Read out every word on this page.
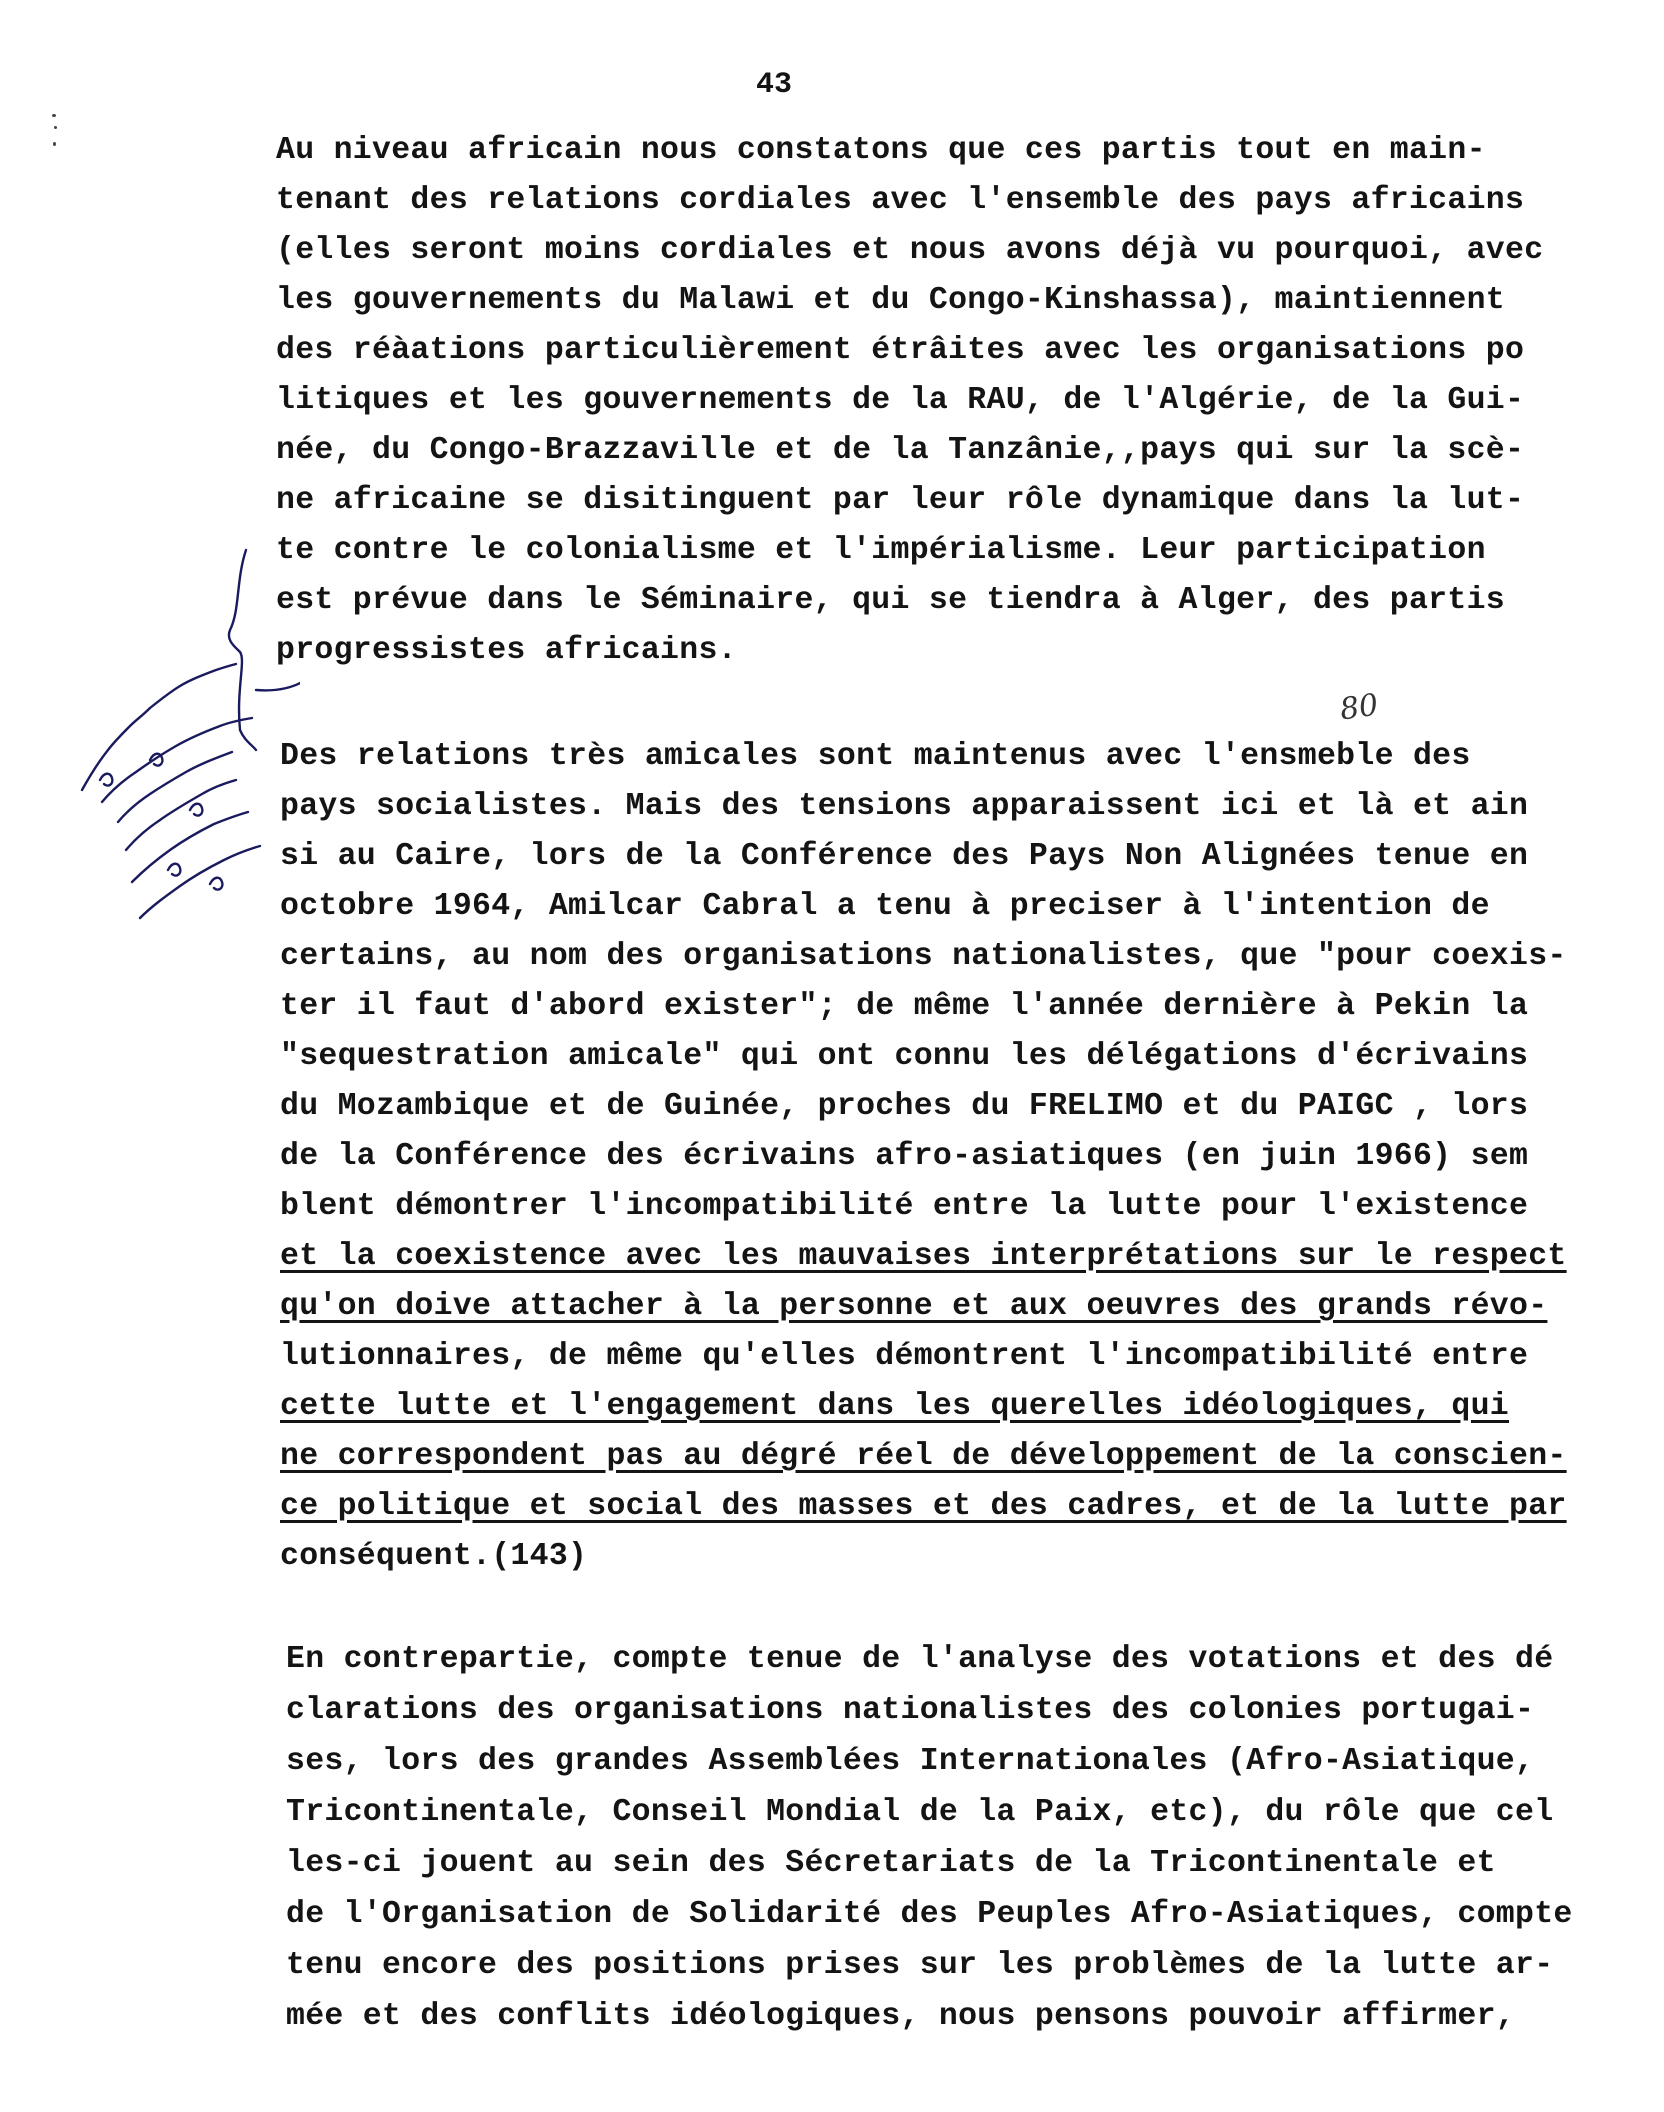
43
Au niveau africain nous constatons que ces partis tout en main-
tenant des relations cordiales avec l'ensemble des pays africains
(elles seront moins cordiales et nous avons déjà vu pourquoi, avec
les gouvernements du Malawi et du Congo-Kinshassa), maintiennent
des réàations particulièrement étrâites avec les organisations po
litiques et les gouvernements de la RAU, de l'Algérie, de la Gui-
née, du Congo-Brazzaville et de la Tanzânie,,pays qui sur la scè-
ne africaine se disitinguent par leur rôle dynamique dans la lut-
te contre le colonialisme et l'impérialisme. Leur participation
est prévue dans le Séminaire, qui se tiendra à Alger, des partis
progressistes africains.
Des relations très amicales sont maintenus avec l'ensmeble des
pays socialistes. Mais des tensions apparaissent ici et là et ain
si au Caire, lors de la Conférence des Pays Non Alignées tenue en
octobre 1964, Amilcar Cabral a tenu à preciser à l'intention de
certains, au nom des organisations nationalistes, que "pour coexis-
ter il faut d'abord exister"; de même l'année dernière à Pekin la
"sequestration amicale" qui ont connu les délégations d'écrivains
du Mozambique et de Guinée, proches du FRELIMO et du PAIGC , lors
de la Conférence des écrivains afro-asiatiques (en juin 1966) sem
blent démontrer l'incompatibilité entre la lutte pour l'existence
et la coexistence avec les mauvaises interprétations sur le respect
qu'on doive attacher à la personne et aux oeuvres des grands révo-
lutionnaires, de même qu'elles démontrent l'incompatibilité entre
cette lutte et l'engagement dans les querelles idéologiques, qui
ne correspondent pas au dégré réel de développement de la conscien-
ce politique et social des masses et des cadres, et de la lutte par
conséquent.(143)
En contrepartie, compte tenue de l'analyse des votations et des dé
clarations des organisations nationalistes des colonies portugai-
ses, lors des grandes Assemblées Internationales (Afro-Asiatique,
Tricontinentale, Conseil Mondial de la Paix, etc), du rôle que cel
les-ci jouent au sein des Sécretariats de la Tricontinentale et
de l'Organisation de Solidarité des Peuples Afro-Asiatiques, compte
tenu encore des positions prises sur les problèmes de la lutte ar-
mée et des conflits idéologiques, nous pensons pouvoir affirmer,
80
